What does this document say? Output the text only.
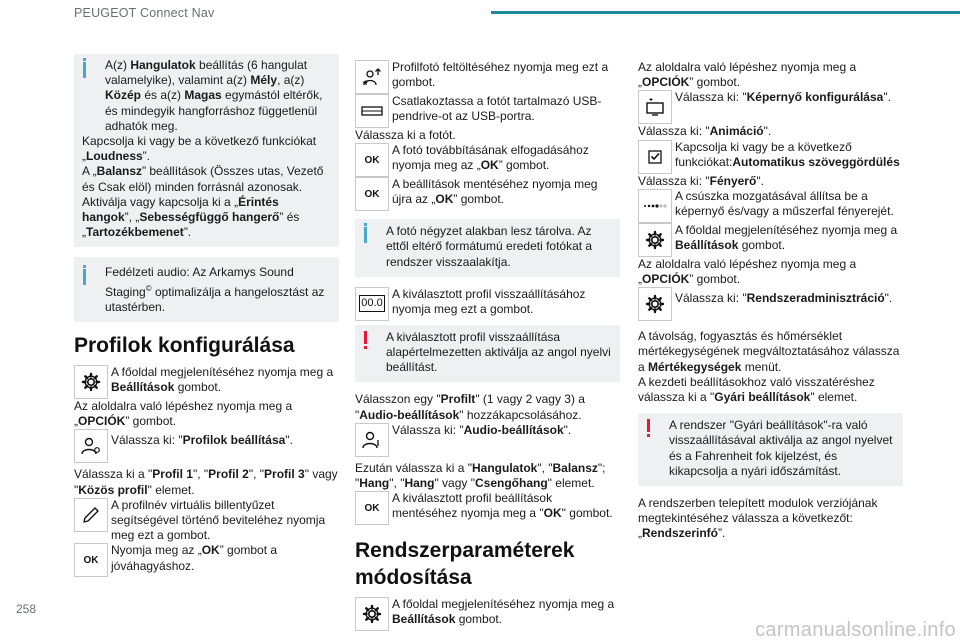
PEUGEOT Connect Nav
258
carmanualsonline.info

A(z) Hangulatok beállítás (6 hangulat valamelyike), valamint a(z) Mély, a(z) Közép és a(z) Magas egymástól eltérők, és mindegyik hangforráshoz függetlenül adhatók meg.

Kapcsolja ki vagy be a következő funkciókat „Loudness”.

A „Balansz” beállítások (Összes utas, Vezető és Csak elöl) minden forrásnál azonosak.

Aktiválja vagy kapcsolja ki a „Érintés hangok”, „Sebességfüggő hangerő” és „Tartozékbemenet”.

Fedélzeti audio: Az Arkamys Sound Staging© optimalizálja a hangelosztást az utastérben.

Profilok konfigurálása

A főoldal megjelenítéséhez nyomja meg a Beállítások gombot.

Az aloldalra való lépéshez nyomja meg a „OPCIÓK” gombot.

Válassza ki: "Profilok beállítása".

Válassza ki a "Profil 1", "Profil 2", "Profil 3" vagy "Közös profil" elemet.

A profilnév virtuális billentyűzet segítségével történő beviteléhez nyomja meg ezt a gombot.

OK

Nyomja meg az „OK” gombot a jóváhagyáshoz.

★

Profilfotó feltöltéséhez nyomja meg ezt a gombot.

Csatlakoztassa a fotót tartalmazó USB-pendrive-ot az USB-portra.

Válassza ki a fotót.

OK

A fotó továbbításának elfogadásához nyomja meg az „OK” gombot.

OK

A beállítások mentéséhez nyomja meg újra az „OK” gombot.

A fotó négyzet alakban lesz tárolva. Az ettől eltérő formátumú eredeti fotókat a rendszer visszaalakítja.

00.0

A kiválasztott profil visszaállításához nyomja meg ezt a gombot.

A kiválasztott profil visszaállítása alapértelmezetten aktiválja az angol nyelvi beállítást.

Válasszon egy "Profilt" (1 vagy 2 vagy 3) a "Audio-beállítások" hozzákapcsolásához.

Válassza ki: "Audio-beállítások".

Ezután válassza ki a "Hangulatok", "Balansz"; "Hang", "Hang" vagy "Csengőhang" elemet.

OK

A kiválasztott profil beállítások mentéséhez nyomja meg a "OK" gombot.

Rendszerparaméterek módosítása

A főoldal megjelenítéséhez nyomja meg a Beállítások gombot.

Az aloldalra való lépéshez nyomja meg a „OPCIÓK” gombot.

Válassza ki: "Képernyő konfigurálása".

Válassza ki: "Animáció".

Kapcsolja ki vagy be a következő funkciókat:Automatikus szöveggördülés

Válassza ki: "Fényerő".

A csúszka mozgatásával állítsa be a képernyő és/vagy a műszerfal fényerejét.

A főoldal megjelenítéséhez nyomja meg a Beállítások gombot.

Az aloldalra való lépéshez nyomja meg a „OPCIÓK” gombot.

Válassza ki: "Rendszeradminisztráció".

A távolság, fogyasztás és hőmérséklet mértékegységének megváltoztatásához válassza a Mértékegységek menüt.

A kezdeti beállításokhoz való visszatéréshez válassza ki a "Gyári beállítások" elemet.

A rendszer "Gyári beállítások"-ra való visszaállításával aktiválja az angol nyelvet és a Fahrenheit fok kijelzést, és kikapcsolja a nyári időszámítást.

A rendszerben telepített modulok verziójának megtekintéséhez válassza a következőt: „Rendszerinfó”.
